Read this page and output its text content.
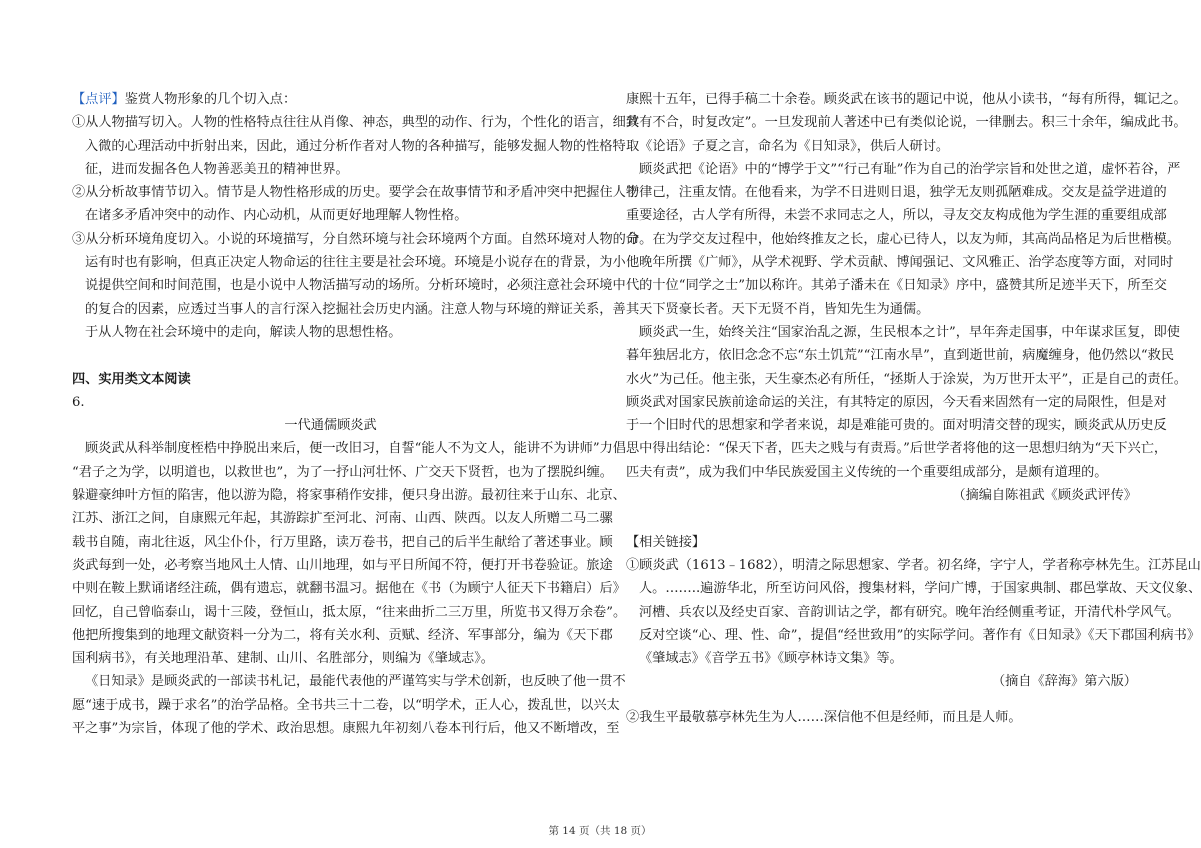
【点评】鉴赏人物形象的几个切入点：
①从人物描写切入。人物的性格特点往往从肖像、神态，典型的动作、行为，个性化的语言，细致
入微的心理活动中折射出来，因此，通过分析作者对人物的各种描写，能够发掘人物的性格特
征，进而发掘各色人物善恶美丑的精神世界。
②从分析故事情节切入。情节是人物性格形成的历史。要学会在故事情节和矛盾冲突中把握住人物
在诸多矛盾冲突中的动作、内心动机，从而更好地理解人物性格。
③从分析环境角度切入。小说的环境描写，分自然环境与社会环境两个方面。自然环境对人物的命
运有时也有影响，但真正决定人物命运的往往主要是社会环境。环境是小说存在的背景，为小
说提供空间和时间范围，也是小说中人物活描写动的场所。分析环境时，必须注意社会环境中
的复合的因素，应透过当事人的言行深入挖掘社会历史内涵。注意人物与环境的辩证关系，善
于从人物在社会环境中的走向，解读人物的思想性格。
四、实用类文本阅读
6.
一代通儒顾炎武
顾炎武从科举制度桎梏中挣脱出来后，便一改旧习，自誓“能人不为文人，能讲不为讲师”力倡
“君子之为学，以明道也，以救世也”，为了一抒山河壮怀、广交天下贤哲，也为了摆脱纠缠。
躲避豪绅叶方恒的陷害，他以游为隐，将家事稍作安排，便只身出游。最初往来于山东、北京、
江苏、浙江之间，自康熙元年起，其游踪扩至河北、河南、山西、陕西。以友人所赠二马二骡
载书自随，南北往返，风尘仆仆，行万里路，读万卷书，把自己的后半生献给了著述事业。顾
炎武每到一处，必考察当地风土人情、山川地理，如与平日所闻不符，便打开书卷验证。旅途
中则在鞍上默诵诸经注疏，偶有遗忘，就翻书温习。据他在《书（为顾宁人征天下书籍启）后》
回忆，自己曾临泰山，谒十三陵，登恒山，抵太原，“往来曲折二三万里，所览书又得万余卷”。
他把所搜集到的地理文献资料一分为二，将有关水利、贡赋、经济、军事部分，编为《天下郡
国利病书》，有关地理沿革、建制、山川、名胜部分，则编为《肇域志》。
《日知录》是顾炎武的一部读书札记，最能代表他的严谨笃实与学术创新，也反映了他一贯不
愿“速于成书，躁于求名”的治学品格。全书共三十二卷，以“明学术，正人心，拨乱世，以兴太
平之事”为宗旨，体现了他的学术、政治思想。康熙九年初刻八卷本刊行后，他又不断增改，至
康熙十五年，已得手稿二十余卷。顾炎武在该书的题记中说，他从小读书，“每有所得，辄记之。
其有不合，时复改定”。一旦发现前人著述中已有类似论说，一律删去。积三十余年，编成此书。
取《论语》子夏之言，命名为《日知录》，供后人研讨。
顾炎武把《论语》中的“博学于文”“行己有耻”作为自己的治学宗旨和处世之道，虚怀若谷，严
于律己，注重友情。在他看来，为学不日进则日退，独学无友则孤陋难成。交友是益学进道的
重要途径，古人学有所得，未尝不求同志之人，所以，寻友交友构成他为学生涯的重要组成部
分。在为学交友过程中，他始终推友之长，虚心已待人，以友为师，其高尚品格足为后世楷模。
他晚年所撰《广师》，从学术视野、学术贡献、博闻强记、文风雅正、治学态度等方面，对同时
代的十位“同学之士”加以称许。其弟子潘未在《日知录》序中，盛赞其所足迹半天下，所至交
其天下贤豪长者。天下无贤不肖，皆知先生为通儒。
顾炎武一生，始终关注“国家治乱之源，生民根本之计”，早年奔走国事，中年谋求匡复，即使
暮年独居北方，依旧念念不忘“东土饥荒”“江南水旱”，直到逝世前，病魔缠身，他仍然以“救民
水火”为己任。他主张，天生豪杰必有所任，“拯斯人于涂炭，为万世开太平”，正是自己的责任。
顾炎武对国家民族前途命运的关注，有其特定的原因，今天看来固然有一定的局限性，但是对
于一个旧时代的思想家和学者来说，却是难能可贵的。面对明清交替的现实，顾炎武从历史反
思中得出结论：“保天下者，匹夫之贱与有责焉。”后世学者将他的这一思想归纳为“天下兴亡，
匹夫有责”，成为我们中华民族爱国主义传统的一个重要组成部分，是颇有道理的。
（摘编自陈祖武《顾炎武评传》
【相关链接】
①顾炎武（1613﹣1682），明清之际思想家、学者。初名绛，字宁人，学者称亭林先生。江苏昆山
人。……..遍游华北，所至访问风俗，搜集材料，学问广博，于国家典制、郡邑掌故、天文仪象、
河槽、兵农以及经史百家、音韵训诂之学，都有研究。晚年治经侧重考证，开清代朴学风气。
反对空谈“心、理、性、命”，提倡“经世致用”的实际学问。著作有《日知录》《天下郡国利病书》
《肇域志》《音学五书》《顾亭林诗文集》等。
（摘自《辞海》第六版）
②我生平最敬慕亭林先生为人……深信他不但是经师，而且是人师。
第 14 页（共 18 页）
